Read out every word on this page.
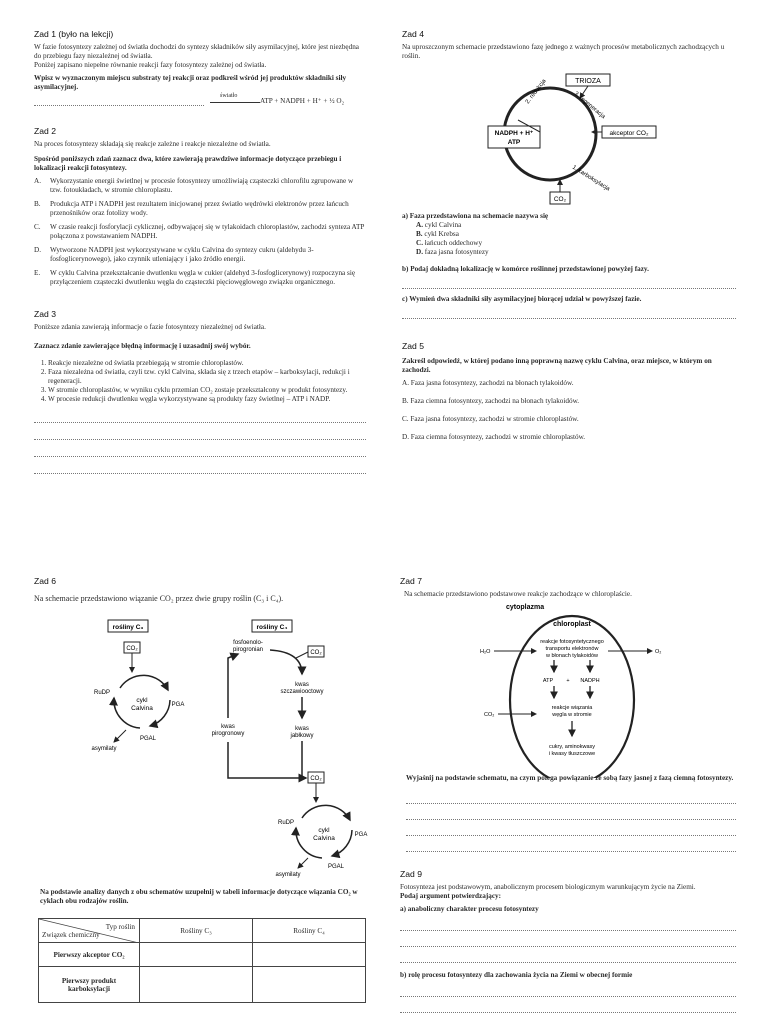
Zad 1 (było na lekcji)

W fazie fotosyntezy zależnej od światła dochodzi do syntezy składników siły asymilacyjnej, które jest niezbędna do przebiegu fazy niezależnej od światła.

Poniżej zapisano niepełne równanie reakcji fazy fotosyntezy zależnej od światła.

Wpisz w wyznaczonym miejscu substraty tej reakcji oraz podkreśl wśród jej produktów składniki siły asymilacyjnej.

światło
ATP + NADPH + H⁺ + ½ O₂
Zad 2

Na proces fotosyntezy składają się reakcje zależne i reakcje niezależne od światła.

Spośród poniższych zdań zaznacz dwa, które zawierają prawdziwe informacje dotyczące przebiegu i lokalizacji reakcji fotosyntezy.

A.	Wykorzystanie energii świetlnej w procesie fotosyntezy umożliwiają cząsteczki chlorofilu zgrupowane w tzw. fotoukładach, w stromie chloroplastu.
B.	Produkcja ATP i NADPH jest rezultatem inicjowanej przez światło wędrówki elektronów przez łańcuch przenośników oraz fotolizy wody.
C.	W czasie reakcji fosforylacji cyklicznej, odbywającej się w tylakoidach chloroplastów, zachodzi synteza ATP połączona z powstawaniem NADPH.
D.	Wytworzone NADPH jest wykorzystywane w cyklu Calvina do syntezy cukru (aldehydu 3-fosfoglicerynowego), jako czynnik utleniający i jako źródło energii.
E.	W cyklu Calvina przekształcanie dwutlenku węgla w cukier (aldehyd 3-fosfoglicerynowy) rozpoczyna się przyłączeniem cząsteczki dwutlenku węgla do cząsteczki pięciowęglowego związku organicznego.
Zad 3

Poniższe zdania zawierają informacje o fazie fotosyntezy niezależnej od światła.

Zaznacz zdanie zawierające błędną informację i uzasadnij swój wybór.

1. Reakcje niezależne od światła przebiegają w stromie chloroplastów.
2. Faza niezależna od światła, czyli tzw. cykl Calvina, składa się z trzech etapów – karboksylacji, redukcji i regeneracji.
3. W stromie chloroplastów, w wyniku cyklu przemian CO₂ zostaje przekształcony w produkt fotosyntezy.
4. W procesie redukcji dwutlenku węgla wykorzystywane są produkty fazy świetlnej – ATP i NADP.
Zad 4

Na uproszczonym schemacie przedstawiono fazę jednego z ważnych procesów metabolicznych zachodzących u roślin.

TRIOZA
NADPH + H⁺
ATP
akceptor CO₂
CO₂
2. redukcja	3. regeneracja
1. karboksylacja

a) Faza przedstawiona na schemacie nazywa się

A. cykl Calvina
B. cykl Krebsa
C. łańcuch oddechowy
D. faza jasna fotosyntezy

b) Podaj dokładną lokalizację w komórce roślinnej przedstawionej powyżej fazy.

c) Wymień dwa składniki siły asymilacyjnej biorącej udział w powyższej fazie.

Zad 5

Zakreśl odpowiedź, w której podano inną poprawną nazwę cyklu Calvina, oraz miejsce, w którym on zachodzi.

A. Faza jasna fotosyntezy, zachodzi na błonach tylakoidów.
B. Faza ciemna fotosyntezy, zachodzi na błonach tylakoidów.
C. Faza jasna fotosyntezy, zachodzi w stromie chloroplastów.
D. Faza ciemna fotosyntezy, zachodzi w stromie chloroplastów.
Zad 6

Na schemacie przedstawiono wiązanie CO₂ przez dwie grupy roślin (C₃ i C₄).

rośliny C₃
CO₂
cykl
Calvina
RuDP
PGA
PGAL
asymilaty
rośliny C₄
fosfoenolo-
pirogronian	CO₂
kwas
szczawiooctowy
kwas
jabłkowy
kwas
pirogronowy
CO₂
cykl
Calvina
RuDP
PGA
PGAL
asymilaty

Na podstawie analizy danych z obu schematów uzupełnij w tabeli informacje dotyczące wiązania CO₂ w cyklach obu rodzajów roślin.

Typ roślin
Związek chemiczny	Rośliny C₃	Rośliny C₄
Pierwszy akceptor CO₂		
Pierwszy produkt karboksylacji		
Zad 7

Na schemacie przedstawiono podstawowe reakcje zachodzące w chloroplaście.

cytoplazma
chloroplast
reakcje fotosyntetycznego
transportu elektronów
w błonach tylakoidów
H₂O	O₂
ATP + NADPH
reakcje wiązania
węgla w stromie
CO₂
cukry, aminokwasy
i kwasy tłuszczowe

Wyjaśnij na podstawie schematu, na czym polega powiązanie ze sobą fazy jasnej z fazą ciemną fotosyntezy.

Zad 9

Fotosynteza jest podstawowym, anabolicznym procesem biologicznym warunkującym życie na Ziemi.

Podaj argument potwierdzający:

a) anaboliczny charakter procesu fotosyntezy

b) rolę procesu fotosyntezy dla zachowania życia na Ziemi w obecnej formie
